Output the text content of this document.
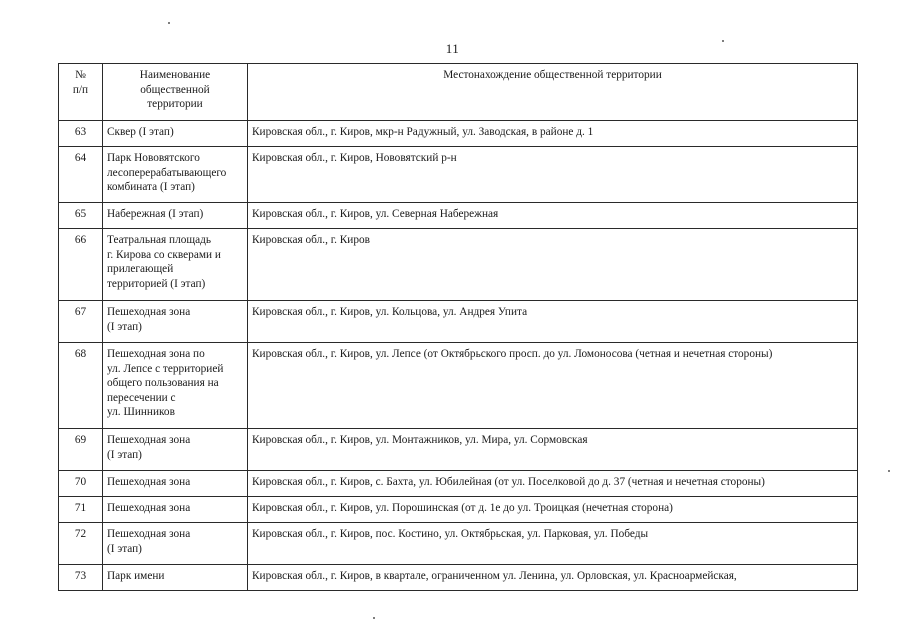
11
№
п/п	Наименование
общественной
территории	Местонахождение общественной территории
63	Сквер (I этап)	Кировская обл., г. Киров, мкр-н Радужный, ул. Заводская, в районе д. 1
64	Парк Нововятского
лесоперерабатывающего
комбината (I этап)	Кировская обл., г. Киров, Нововятский р-н
65	Набережная (I этап)	Кировская обл., г. Киров, ул. Северная Набережная
66	Театральная площадь
г. Кирова со скверами и
прилегающей
территорией (I этап)	Кировская обл., г. Киров
67	Пешеходная зона
(I этап)	Кировская обл., г. Киров, ул. Кольцова, ул. Андрея Упита
68	Пешеходная зона по
ул. Лепсе с территорией
общего пользования на
пересечении с
ул. Шинников	Кировская обл., г. Киров, ул. Лепсе (от Октябрьского просп. до ул. Ломоносова (четная и нечетная стороны)
69	Пешеходная зона
(I этап)	Кировская обл., г. Киров, ул. Монтажников, ул. Мира, ул. Сормовская
70	Пешеходная зона	Кировская обл., г. Киров, с. Бахта, ул. Юбилейная (от ул. Поселковой до д. 37 (четная и нечетная стороны)
71	Пешеходная зона	Кировская обл., г. Киров, ул. Порошинская (от д. 1е до ул. Троицкая (нечетная сторона)
72	Пешеходная зона
(I этап)	Кировская обл., г. Киров, пос. Костино, ул. Октябрьская, ул. Парковая, ул. Победы
73	Парк имени	Кировская обл., г. Киров, в квартале, ограниченном ул. Ленина, ул. Орловская, ул. Красноармейская,
